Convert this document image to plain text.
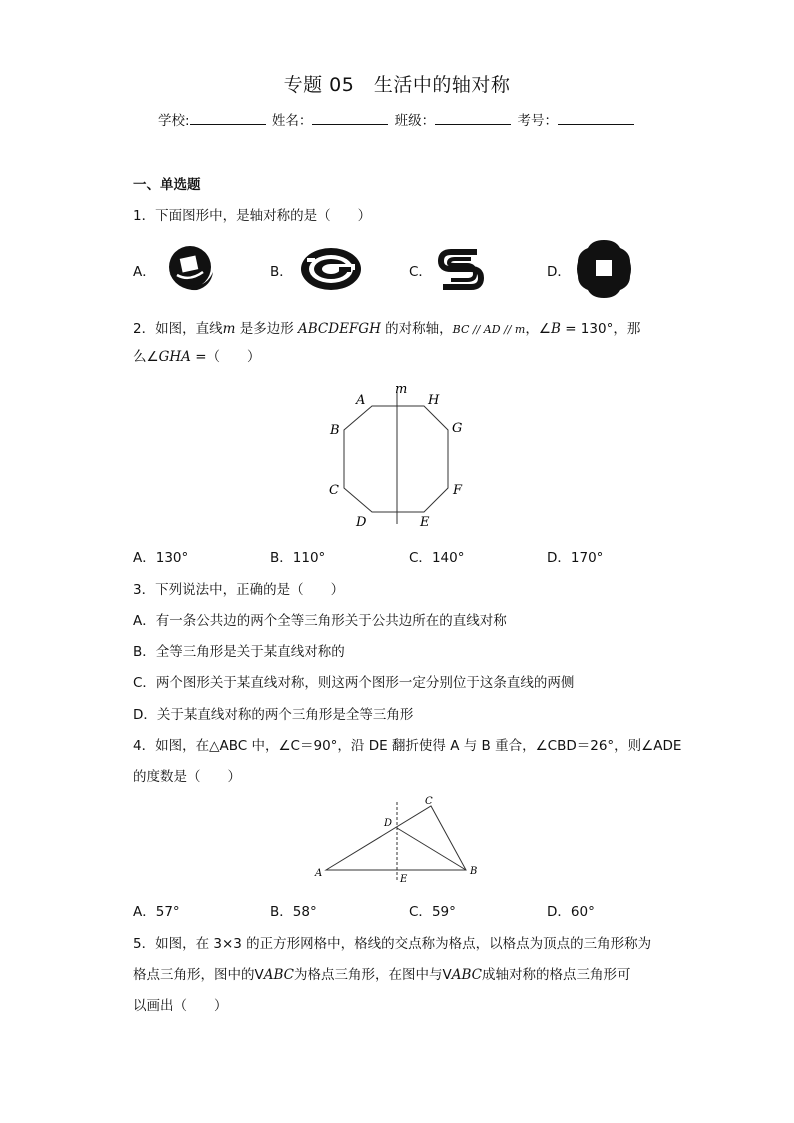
专题 05　生活中的轴对称
学校:	姓名：	班级：	考号：
一、单选题
1．下面图形中，是轴对称的是（　　）
A．	B．	C．	D．
2．如图，直线m 是多边形 ABCDEFGH 的对称轴，BC // AD // m，∠B = 130°，那
么∠GHA =（　　）
m
A	H
B	G
C	F
D	E
A．130°	B．110°	C．140°	D．170°
3．下列说法中，正确的是（　　）
A．有一条公共边的两个全等三角形关于公共边所在的直线对称
B．全等三角形是关于某直线对称的
C．两个图形关于某直线对称，则这两个图形一定分别位于这条直线的两侧
D．关于某直线对称的两个三角形是全等三角形
4．如图，在△ABC 中，∠C＝90°，沿 DE 翻折使得 A 与 B 重合，∠CBD＝26°，则∠ADE
的度数是（　　）
C
D
A
E
B
A．57°	B．58°	C．59°	D．60°
5．如图，在 3×3 的正方形网格中，格线的交点称为格点，以格点为顶点的三角形称为
格点三角形，图中的VABC为格点三角形，在图中与VABC成轴对称的格点三角形可
以画出（　　）
